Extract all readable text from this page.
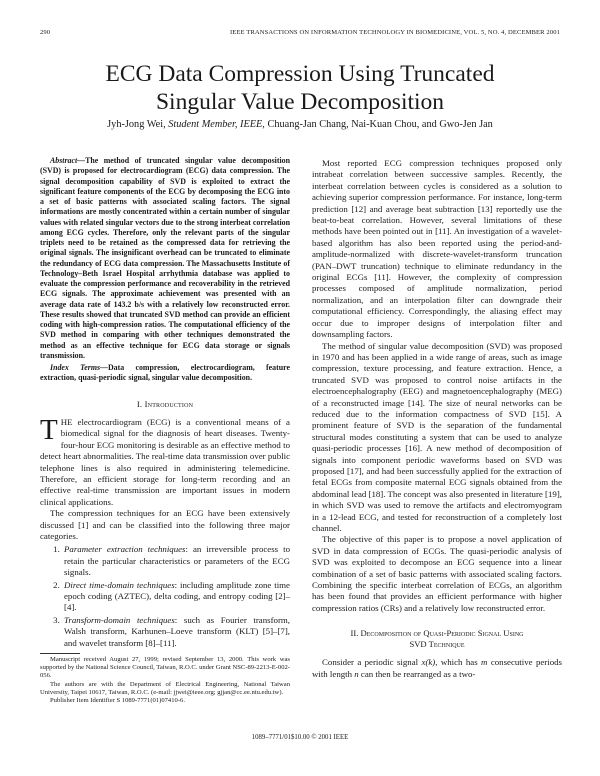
290	IEEE TRANSACTIONS ON INFORMATION TECHNOLOGY IN BIOMEDICINE, VOL. 5, NO. 4, DECEMBER 2001
ECG Data Compression Using Truncated
Singular Value Decomposition
Jyh-Jong Wei, Student Member, IEEE, Chuang-Jan Chang, Nai-Kuan Chou, and Gwo-Jen Jan

Abstract—The method of truncated singular value decomposition (SVD) is proposed for electrocardiogram (ECG) data compression. The signal decomposition capability of SVD is exploited to extract the significant feature components of the ECG by decomposing the ECG into a set of basic patterns with associated scaling factors. The signal informations are mostly concentrated within a certain number of singular values with related singular vectors due to the strong interbeat correlation among ECG cycles. Therefore, only the relevant parts of the singular triplets need to be retained as the compressed data for retrieving the original signals. The insignificant overhead can be truncated to eliminate the redundancy of ECG data compression. The Massachusetts Institute of Technology–Beth Israel Hospital arrhythmia database was applied to evaluate the compression performance and recoverability in the retrieved ECG signals. The approximate achievement was presented with an average data rate of 143.2 b/s with a relatively low reconstructed error. These results showed that truncated SVD method can provide an efficient coding with high-compression ratios. The computational efficiency of the SVD method in comparing with other techniques demonstrated the method as an effective technique for ECG data storage or signals transmission.

Index Terms—Data compression, electrocardiogram, feature extraction, quasi-periodic signal, singular value decomposition.

I. Introduction

THE electrocardiogram (ECG) is a conventional means of a biomedical signal for the diagnosis of heart diseases. Twenty-four-hour ECG monitoring is desirable as an effective method to detect heart abnormalities. The real-time data transmission over public telephone lines is also required in administering telemedicine. Therefore, an efficient storage for long-term recording and an effective real-time transmission are important issues in modern clinical applications.

The compression techniques for an ECG have been extensively discussed [1] and can be classified into the following three major categories.

1. Parameter extraction techniques: an irreversible process to retain the particular characteristics or parameters of the ECG signals.
2. Direct time-domain techniques: including amplitude zone time epoch coding (AZTEC), delta coding, and entropy coding [2]–[4].
3. Transform-domain techniques: such as Fourier transform, Walsh transform, Karhunen–Loeve transform (KLT) [5]–[7], and wavelet transform [8]–[11].

Manuscript received August 27, 1999; revised September 13, 2000. This work was supported by the National Science Council, Taiwan, R.O.C. under Grant NSC-89-2213-E-002-056.

The authors are with the Department of Electrical Engineering, National Taiwan University, Taipei 10617, Taiwan, R.O.C. (e-mail: jjwei@ieee.org; gjjan@cc.ee.ntu.edu.tw).

Publisher Item Identifier S 1089-7771(01)07410-6.

Most reported ECG compression techniques proposed only intrabeat correlation between successive samples. Recently, the interbeat correlation between cycles is considered as a solution to achieving superior compression performance. For instance, long-term prediction [12] and average beat subtraction [13] reportedly use the beat-to-beat correlation. However, several limitations of these methods have been pointed out in [11]. An investigation of a wavelet-based algorithm has also been reported using the period-and-amplitude-normalized with discrete-wavelet-transform truncation (PAN–DWT truncation) technique to eliminate redundancy in the original ECGs [11]. However, the complexity of compression processes composed of amplitude normalization, period normalization, and an interpolation filter can downgrade their computational efficiency. Correspondingly, the aliasing effect may occur due to improper designs of interpolation filter and downsampling factors.

The method of singular value decomposition (SVD) was proposed in 1970 and has been applied in a wide range of areas, such as image compression, texture processing, and feature extraction. Hence, a truncated SVD was proposed to control noise artifacts in the electroencephalography (EEG) and magnetoencephalography (MEG) of a reconstructed image [14]. The size of neural networks can be reduced due to the information compactness of SVD [15]. A prominent feature of SVD is the separation of the fundamental structural modes constituting a system that can be used to analyze quasi-periodic processes [16]. A new method of decomposition of signals into component periodic waveforms based on SVD was proposed [17], and had been successfully applied for the extraction of fetal ECGs from composite maternal ECG signals obtained from the abdominal lead [18]. The concept was also presented in literature [19], in which SVD was used to remove the artifacts and electromyogram in a 12-lead ECG, and tested for reconstruction of a completely lost channel.

The objective of this paper is to propose a novel application of SVD in data compression of ECGs. The quasi-periodic analysis of SVD was exploited to decompose an ECG sequence into a linear combination of a set of basic patterns with associated scaling factors. Combining the specific interbeat correlation of ECGs, an algorithm has been found that provides an efficient performance with higher compression ratios (CRs) and a relatively low reconstructed error.

II. Decomposition of Quasi-Periodic Signal Using
SVD Technique

Consider a periodic signal x(k), which has m consecutive periods with length n can then be rearranged as a two-

1089–7771/01$10.00 © 2001 IEEE
